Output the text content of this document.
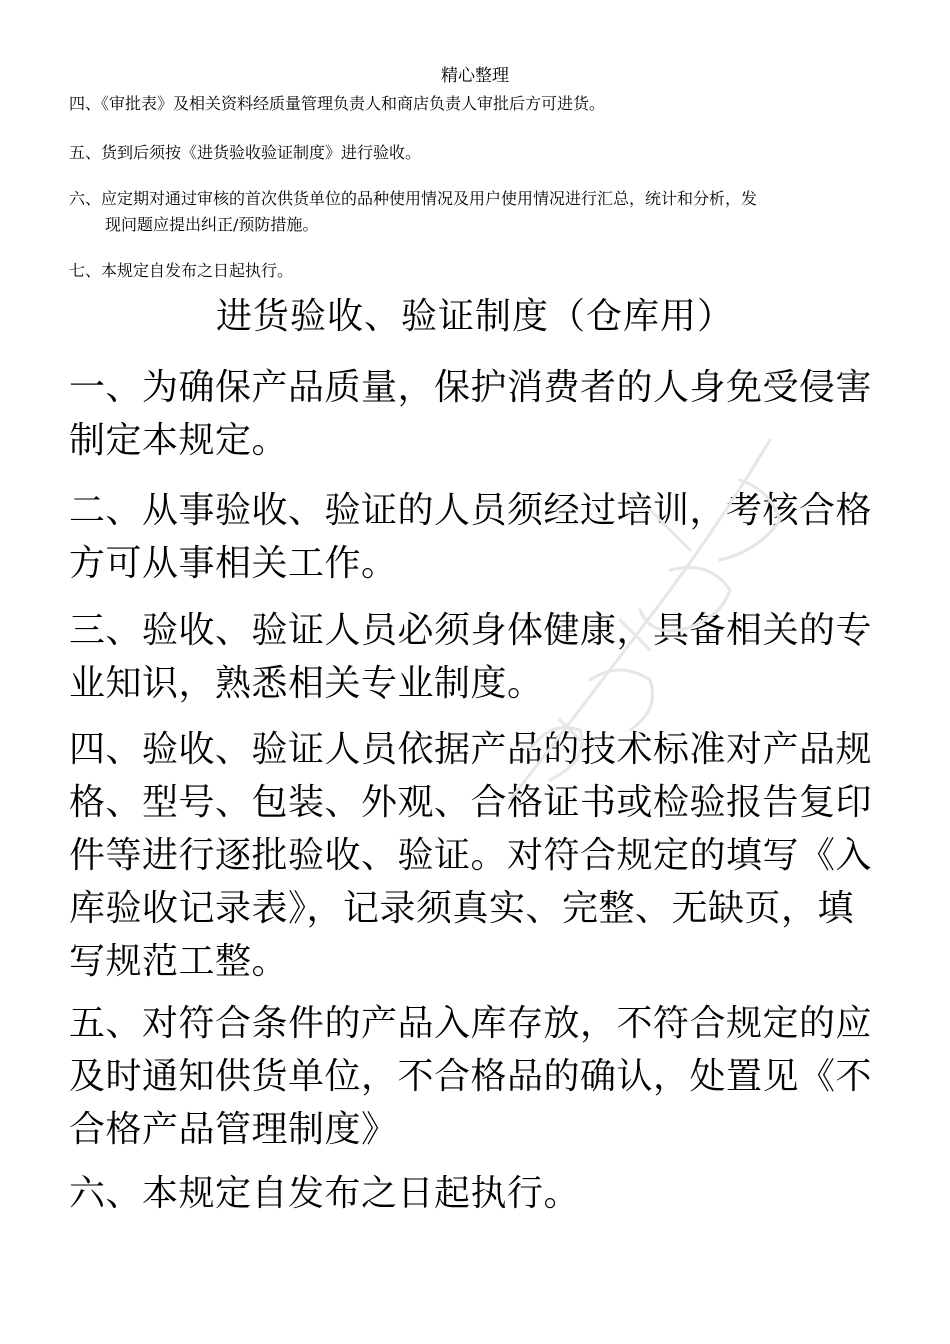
精心整理
四、《审批表》及相关资料经质量管理负责人和商店负责人审批后方可进货。
五、货到后须按《进货验收验证制度》进行验收。
六、应定期对通过审核的首次供货单位的品种使用情况及用户使用情况进行汇总，统计和分析，发
现问题应提出纠正/预防措施。
七、本规定自发布之日起执行。
进货验收、验证制度（仓库用）
一、为确保产品质量，保护消费者的人身免受侵害制定本规定。
二、从事验收、验证的人员须经过培训，考核合格方可从事相关工作。
三、验收、验证人员必须身体健康，具备相关的专业知识，熟悉相关专业制度。
四、验收、验证人员依据产品的技术标准对产品规格、型号、包装、外观、合格证书或检验报告复印件等进行逐批验收、验证。对符合规定的填写《入库验收记录表》，记录须真实、完整、无缺页，填写规范工整。
五、对符合条件的产品入库存放，不符合规定的应及时通知供货单位，不合格品的确认，处置见《不合格产品管理制度》
六、本规定自发布之日起执行。
